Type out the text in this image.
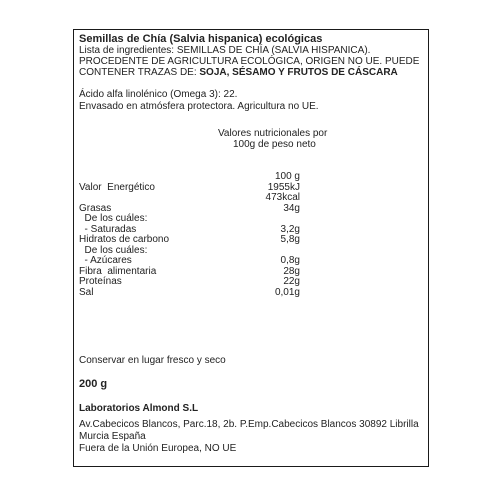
Semillas de Chía (Salvia hispanica) ecológicas
Lista de ingredientes: SEMILLAS DE CHÍA (SALVIA HISPANICA).
PROCEDENTE DE AGRICULTURA ECOLÓGICA, ORIGEN NO UE. PUEDE
CONTENER TRAZAS DE: SOJA, SÉSAMO Y FRUTOS DE CÁSCARA
Ácido alfa linolénico (Omega 3): 22.
Envasado en atmósfera protectora. Agricultura no UE.
Valores nutricionales por
100g de peso neto
100 g
Valor  Energético	1955kJ
473kcal
Grasas	34g
De los cuáles:
- Saturadas	3,2g
Hidratos de carbono	5,8g
De los cuáles:
- Azúcares	0,8g
Fibra  alimentaria	28g
Proteínas	22g
Sal	0,01g
Conservar en lugar fresco y seco
200 g
Laboratorios Almond S.L
Av.Cabecicos Blancos, Parc.18, 2b. P.Emp.Cabecicos Blancos 30892 Librilla
Murcia España
Fuera de la Unión Europea, NO UE
